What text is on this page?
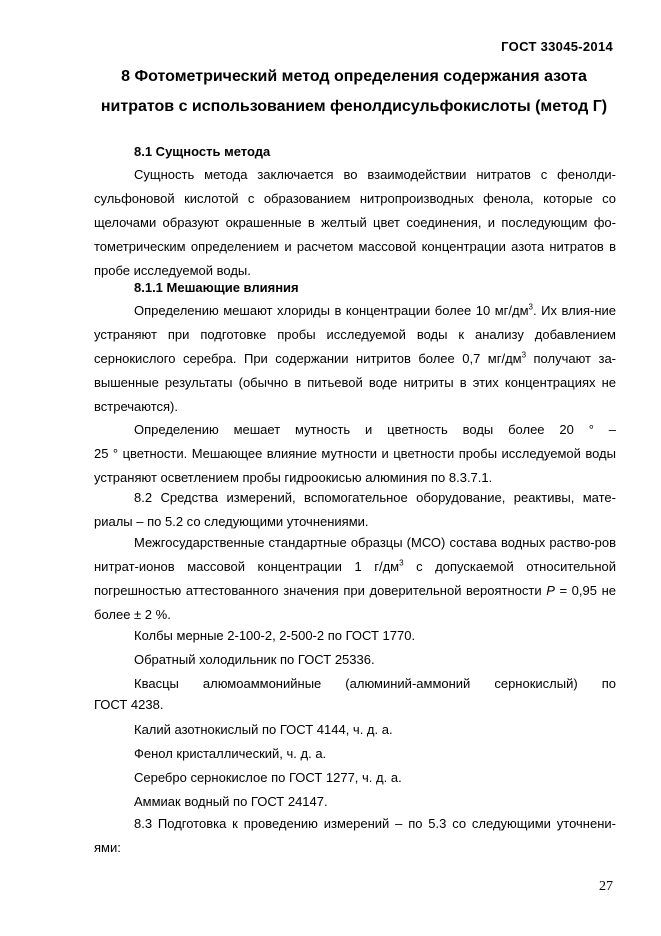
ГОСТ 33045-2014
8 Фотометрический метод определения содержания азота
нитратов с использованием фенолдисульфокислоты (метод Г)
8.1 Сущность метода
Сущность метода заключается во взаимодействии нитратов с фенолди-сульфоновой кислотой с образованием нитропроизводных фенола, которые со щелочами образуют окрашенные в желтый цвет соединения, и последующим фо-тометрическим определением и расчетом массовой концентрации азота нитратов в пробе исследуемой воды.
8.1.1 Мешающие влияния
Определению мешают хлориды в концентрации более 10 $мг/дм^3$. Их влия-ние устраняют при подготовке пробы исследуемой воды к анализу добавлением сернокислого серебра. При содержании нитритов более 0,7 $мг/дм^3$ получают за-вышенные результаты (обычно в питьевой воде нитриты в этих концентрациях не встречаются).
Определению мешает мутность и цветность воды более 20 ° –
25 ° цветности. Мешающее влияние мутности и цветности пробы исследуемой воды устраняют осветлением пробы гидроокисью алюминия по 8.3.7.1.
8.2 Средства измерений, вспомогательное оборудование, реактивы, мате-риалы – по 5.2 со следующими уточнениями.
Межгосударственные стандартные образцы (МСО) состава водных раство-ров нитрат-ионов массовой концентрации 1 $г/дм^3$ с допускаемой относительной погрешностью аттестованного значения при доверительной вероятности Р = 0,95 не более ± 2 %.
Колбы мерные 2-100-2, 2-500-2 по ГОСТ 1770.
Обратный холодильник по ГОСТ 25336.
Квасцы алюмоаммонийные (алюминий-аммоний сернокислый) по
ГОСТ 4238.
Калий азотнокислый по ГОСТ 4144, ч. д. а.
Фенол кристаллический, ч. д. а.
Серебро сернокислое по ГОСТ 1277, ч. д. а.
Аммиак водный по ГОСТ 24147.
8.3 Подготовка к проведению измерений – по 5.3 со следующими уточнени-ями:
27
